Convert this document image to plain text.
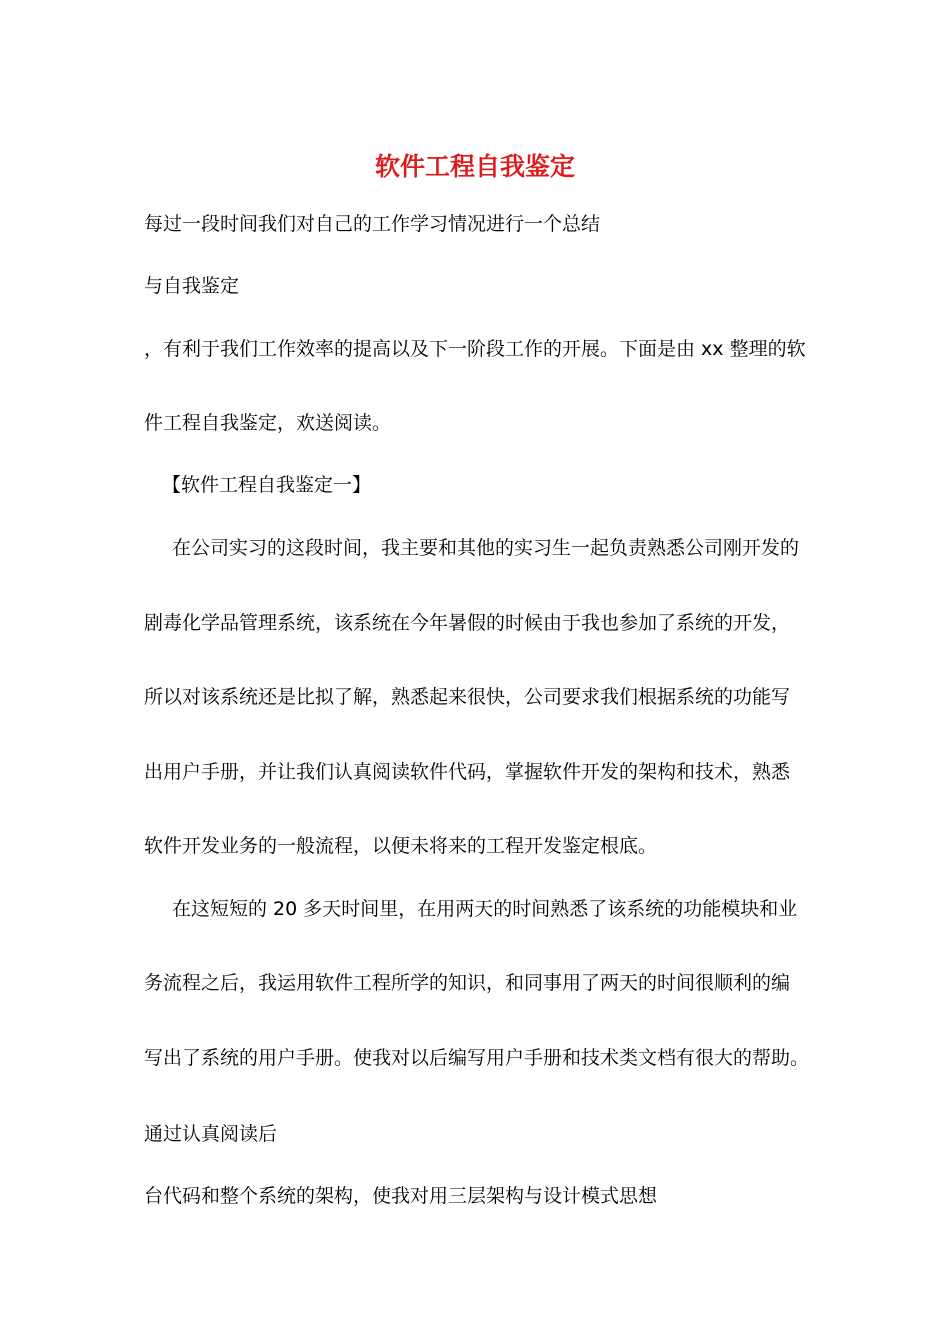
软件工程自我鉴定
每过一段时间我们对自己的工作学习情况进行一个总结
与自我鉴定
，有利于我们工作效率的提高以及下一阶段工作的开展。下面是由 xx 整理的软
件工程自我鉴定，欢送阅读。
【软件工程自我鉴定一】
在公司实习的这段时间，我主要和其他的实习生一起负责熟悉公司刚开发的
剧毒化学品管理系统，该系统在今年暑假的时候由于我也参加了系统的开发，
所以对该系统还是比拟了解，熟悉起来很快，公司要求我们根据系统的功能写
出用户手册，并让我们认真阅读软件代码，掌握软件开发的架构和技术，熟悉
软件开发业务的一般流程，以便未将来的工程开发鉴定根底。
在这短短的 20 多天时间里，在用两天的时间熟悉了该系统的功能模块和业
务流程之后，我运用软件工程所学的知识，和同事用了两天的时间很顺利的编
写出了系统的用户手册。使我对以后编写用户手册和技术类文档有很大的帮助。
通过认真阅读后
台代码和整个系统的架构，使我对用三层架构与设计模式思想
